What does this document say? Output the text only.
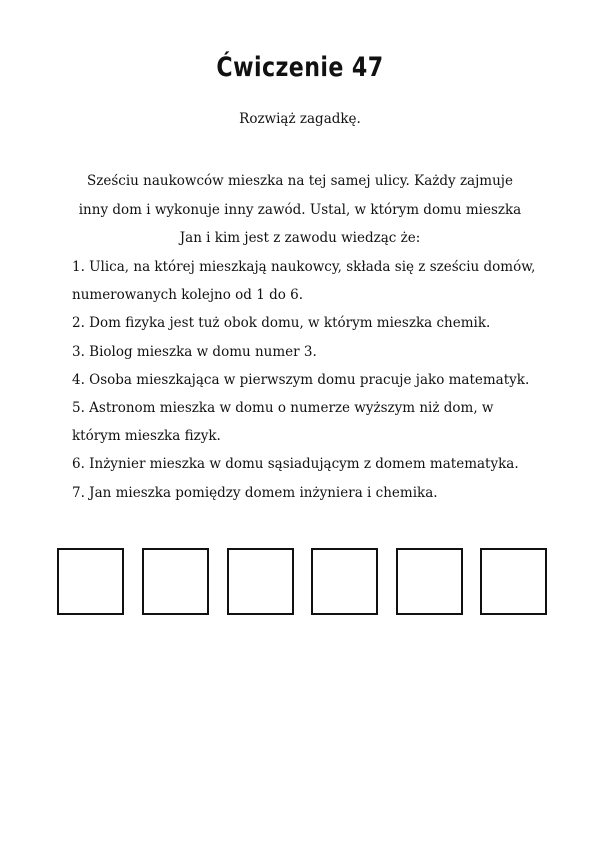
Ćwiczenie 47

Rozwiąż zagadkę.

Sześciu naukowców mieszka na tej samej ulicy. Każdy zajmuje inny dom i wykonuje inny zawód. Ustal, w którym domu mieszka Jan i kim jest z zawodu wiedząc że:

1. Ulica, na której mieszkają naukowcy, składa się z sześciu domów, numerowanych kolejno od 1 do 6.
2. Dom fizyka jest tuż obok domu, w którym mieszka chemik.
3. Biolog mieszka w domu numer 3.
4. Osoba mieszkająca w pierwszym domu pracuje jako matematyk.
5. Astronom mieszka w domu o numerze wyższym niż dom, w którym mieszka fizyk.
6. Inżynier mieszka w domu sąsiadującym z domem matematyka.
7. Jan mieszka pomiędzy domem inżyniera i chemika.
